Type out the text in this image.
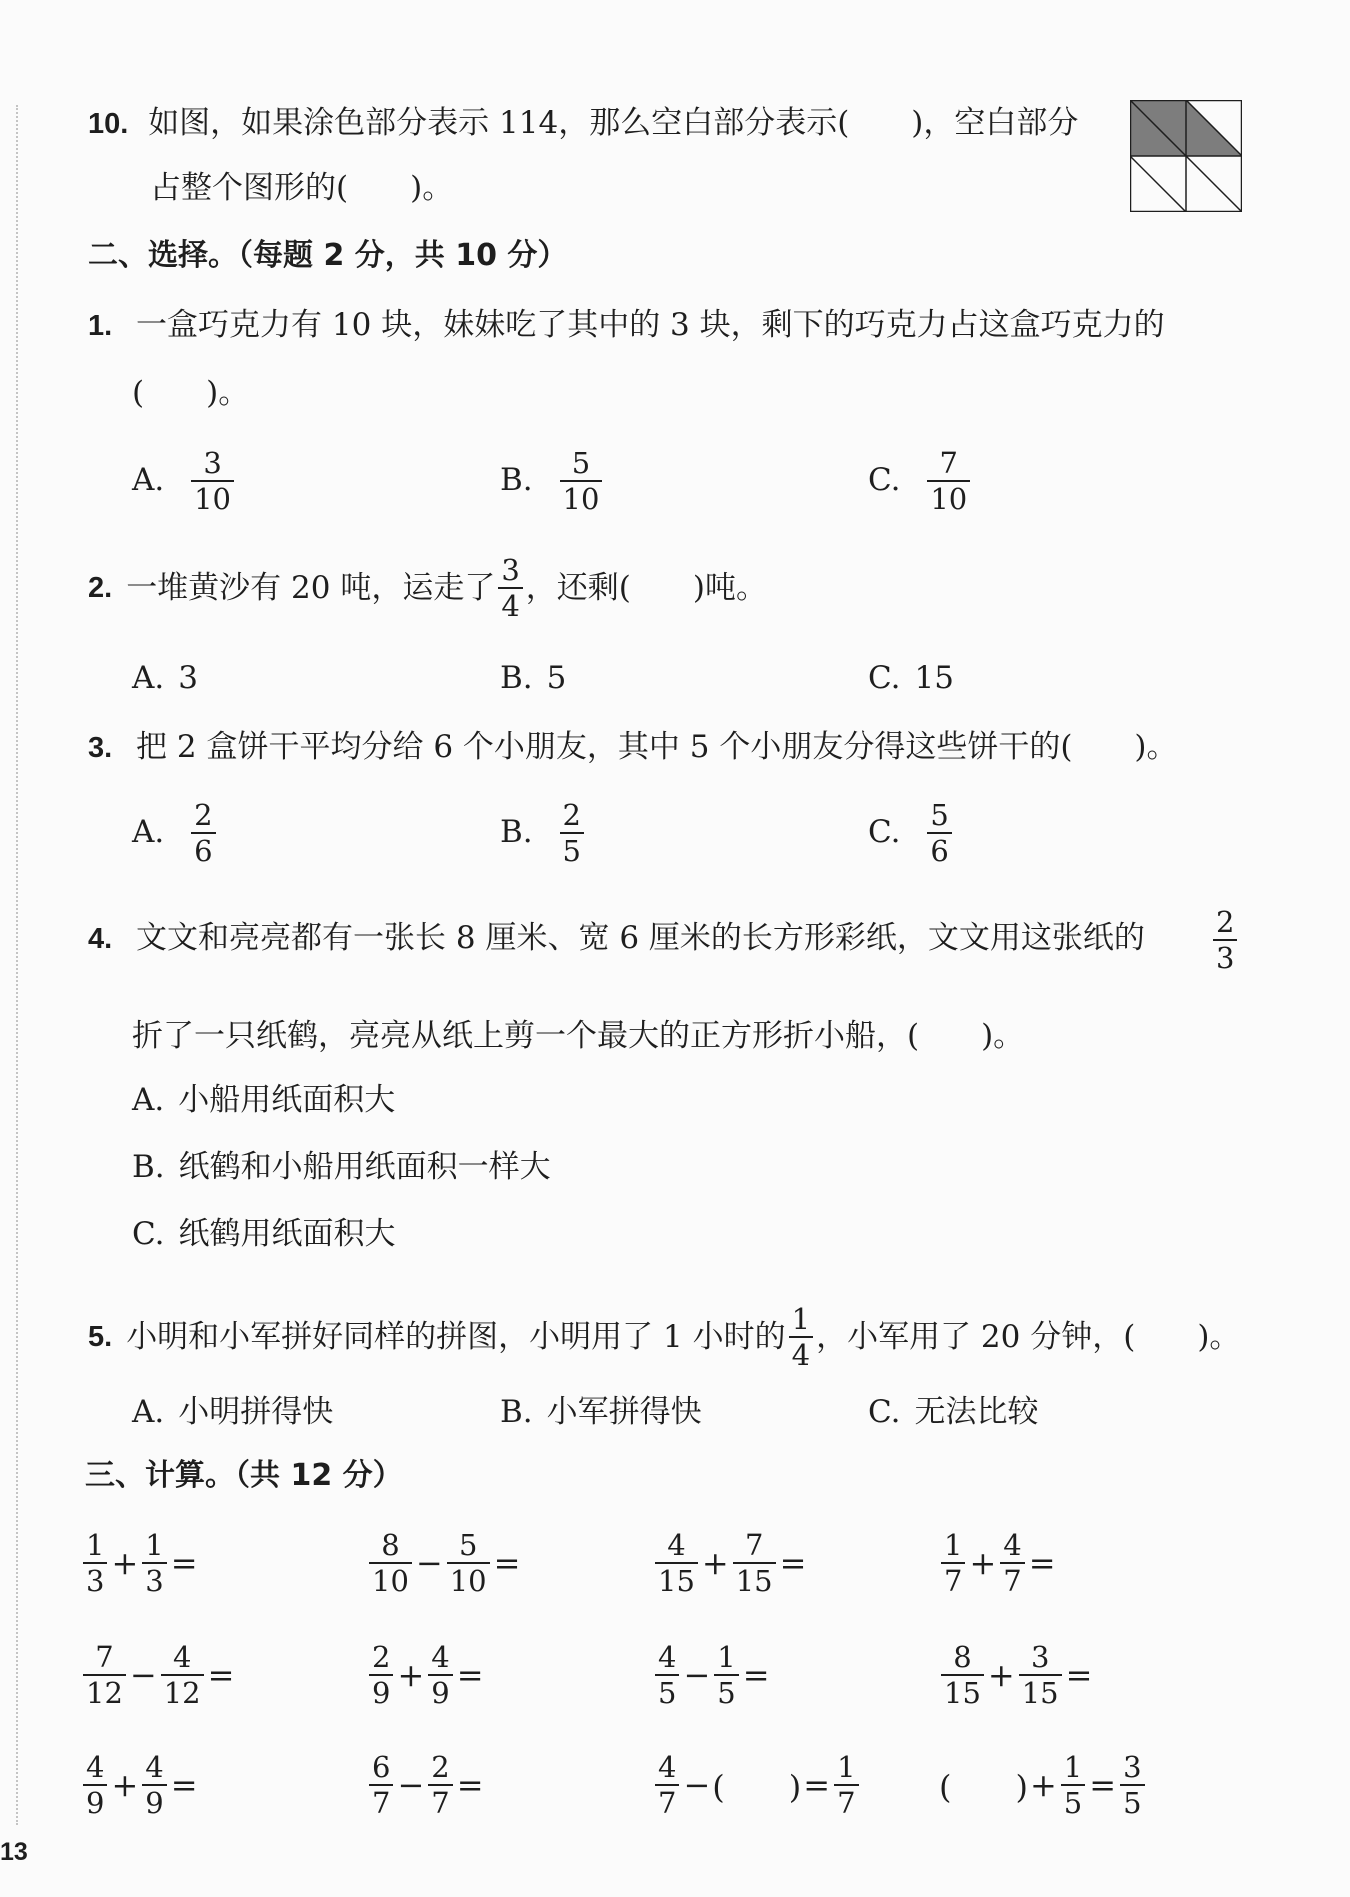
10. 如图，如果涂色部分表示 114，那么空白部分表示(　　)，空白部分
占整个图形的(　　)。
二、选择。（每题 2 分，共 10 分）
1. 一盒巧克力有 10 块，妹妹吃了其中的 3 块，剩下的巧克力占这盒巧克力的
(　　)。
A. $\frac{3}{10}$	B. $\frac{5}{10}$	C. $\frac{7}{10}$
2. 一堆黄沙有 20 吨，运走了 $\frac{3}{4}$ ，还剩(　　)吨。
A. 3	B. 5	C. 15
3. 把 2 盒饼干平均分给 6 个小朋友，其中 5 个小朋友分得这些饼干的(　　)。
A. $\frac{2}{6}$	B. $\frac{2}{5}$	C. $\frac{5}{6}$
4. 文文和亮亮都有一张长 8 厘米、宽 6 厘米的长方形彩纸，文文用这张纸的 $\frac{2}{3}$
折了一只纸鹤，亮亮从纸上剪一个最大的正方形折小船，(　　)。
A. 小船用纸面积大
B. 纸鹤和小船用纸面积一样大
C. 纸鹤用纸面积大
5. 小明和小军拼好同样的拼图，小明用了 1 小时的 $\frac{1}{4}$ ，小军用了 20 分钟，(　　)。
A. 小明拼得快	B. 小军拼得快	C. 无法比较
三、计算。（共 12 分）
$\frac{1}{3} + \frac{1}{3}$ =	$\frac{8}{10} - \frac{5}{10}$ =	$\frac{4}{15} + \frac{7}{15}$ =	$\frac{1}{7} + \frac{4}{7}$ =
$\frac{7}{12} - \frac{4}{12}$ =	$\frac{2}{9} + \frac{4}{9}$ =	$\frac{4}{5} - \frac{1}{5}$ =	$\frac{8}{15} + \frac{3}{15}$ =
$\frac{4}{9} + \frac{4}{9}$ =	$\frac{6}{7} - \frac{2}{7}$ =	$\frac{4}{7}$ − (　　) = $\frac{1}{7}$	(　　) + $\frac{1}{5} = \frac{3}{5}$
13
